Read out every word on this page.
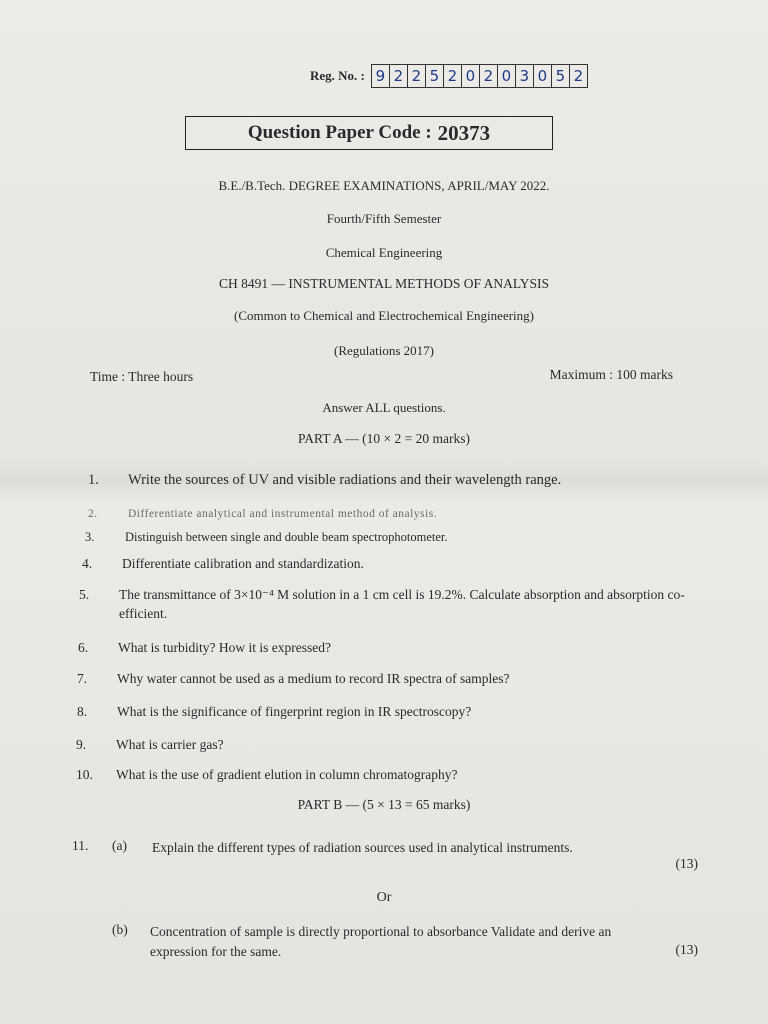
Reg. No. : 9 2 2 5 2 0 2 0 3 0 5 2
Question Paper Code : 20373
B.E./B.Tech. DEGREE EXAMINATIONS, APRIL/MAY 2022.
Fourth/Fifth Semester
Chemical Engineering
CH 8491 — INSTRUMENTAL METHODS OF ANALYSIS
(Common to Chemical and Electrochemical Engineering)
(Regulations 2017)
Time : Three hours	Maximum : 100 marks
Answer ALL questions.
PART A — (10 × 2 = 20 marks)
1.	Write the sources of UV and visible radiations and their wavelength range.
2.	Differentiate analytical and instrumental method of analysis.
3.	Distinguish between single and double beam spectrophotometer.
4.	Differentiate calibration and standardization.
5.	The transmittance of 3×10⁻⁴ M solution in a 1 cm cell is 19.2%. Calculate absorption and absorption co-efficient.
6.	What is turbidity? How it is expressed?
7.	Why water cannot be used as a medium to record IR spectra of samples?
8.	What is the significance of fingerprint region in IR spectroscopy?
9.	What is carrier gas?
10.	What is the use of gradient elution in column chromatography?
PART B — (5 × 13 = 65 marks)
11.	(a)	Explain the different types of radiation sources used in analytical instruments.
(13)
Or
(b)	Concentration of sample is directly proportional to absorbance Validate and derive an expression for the same.	(13)
